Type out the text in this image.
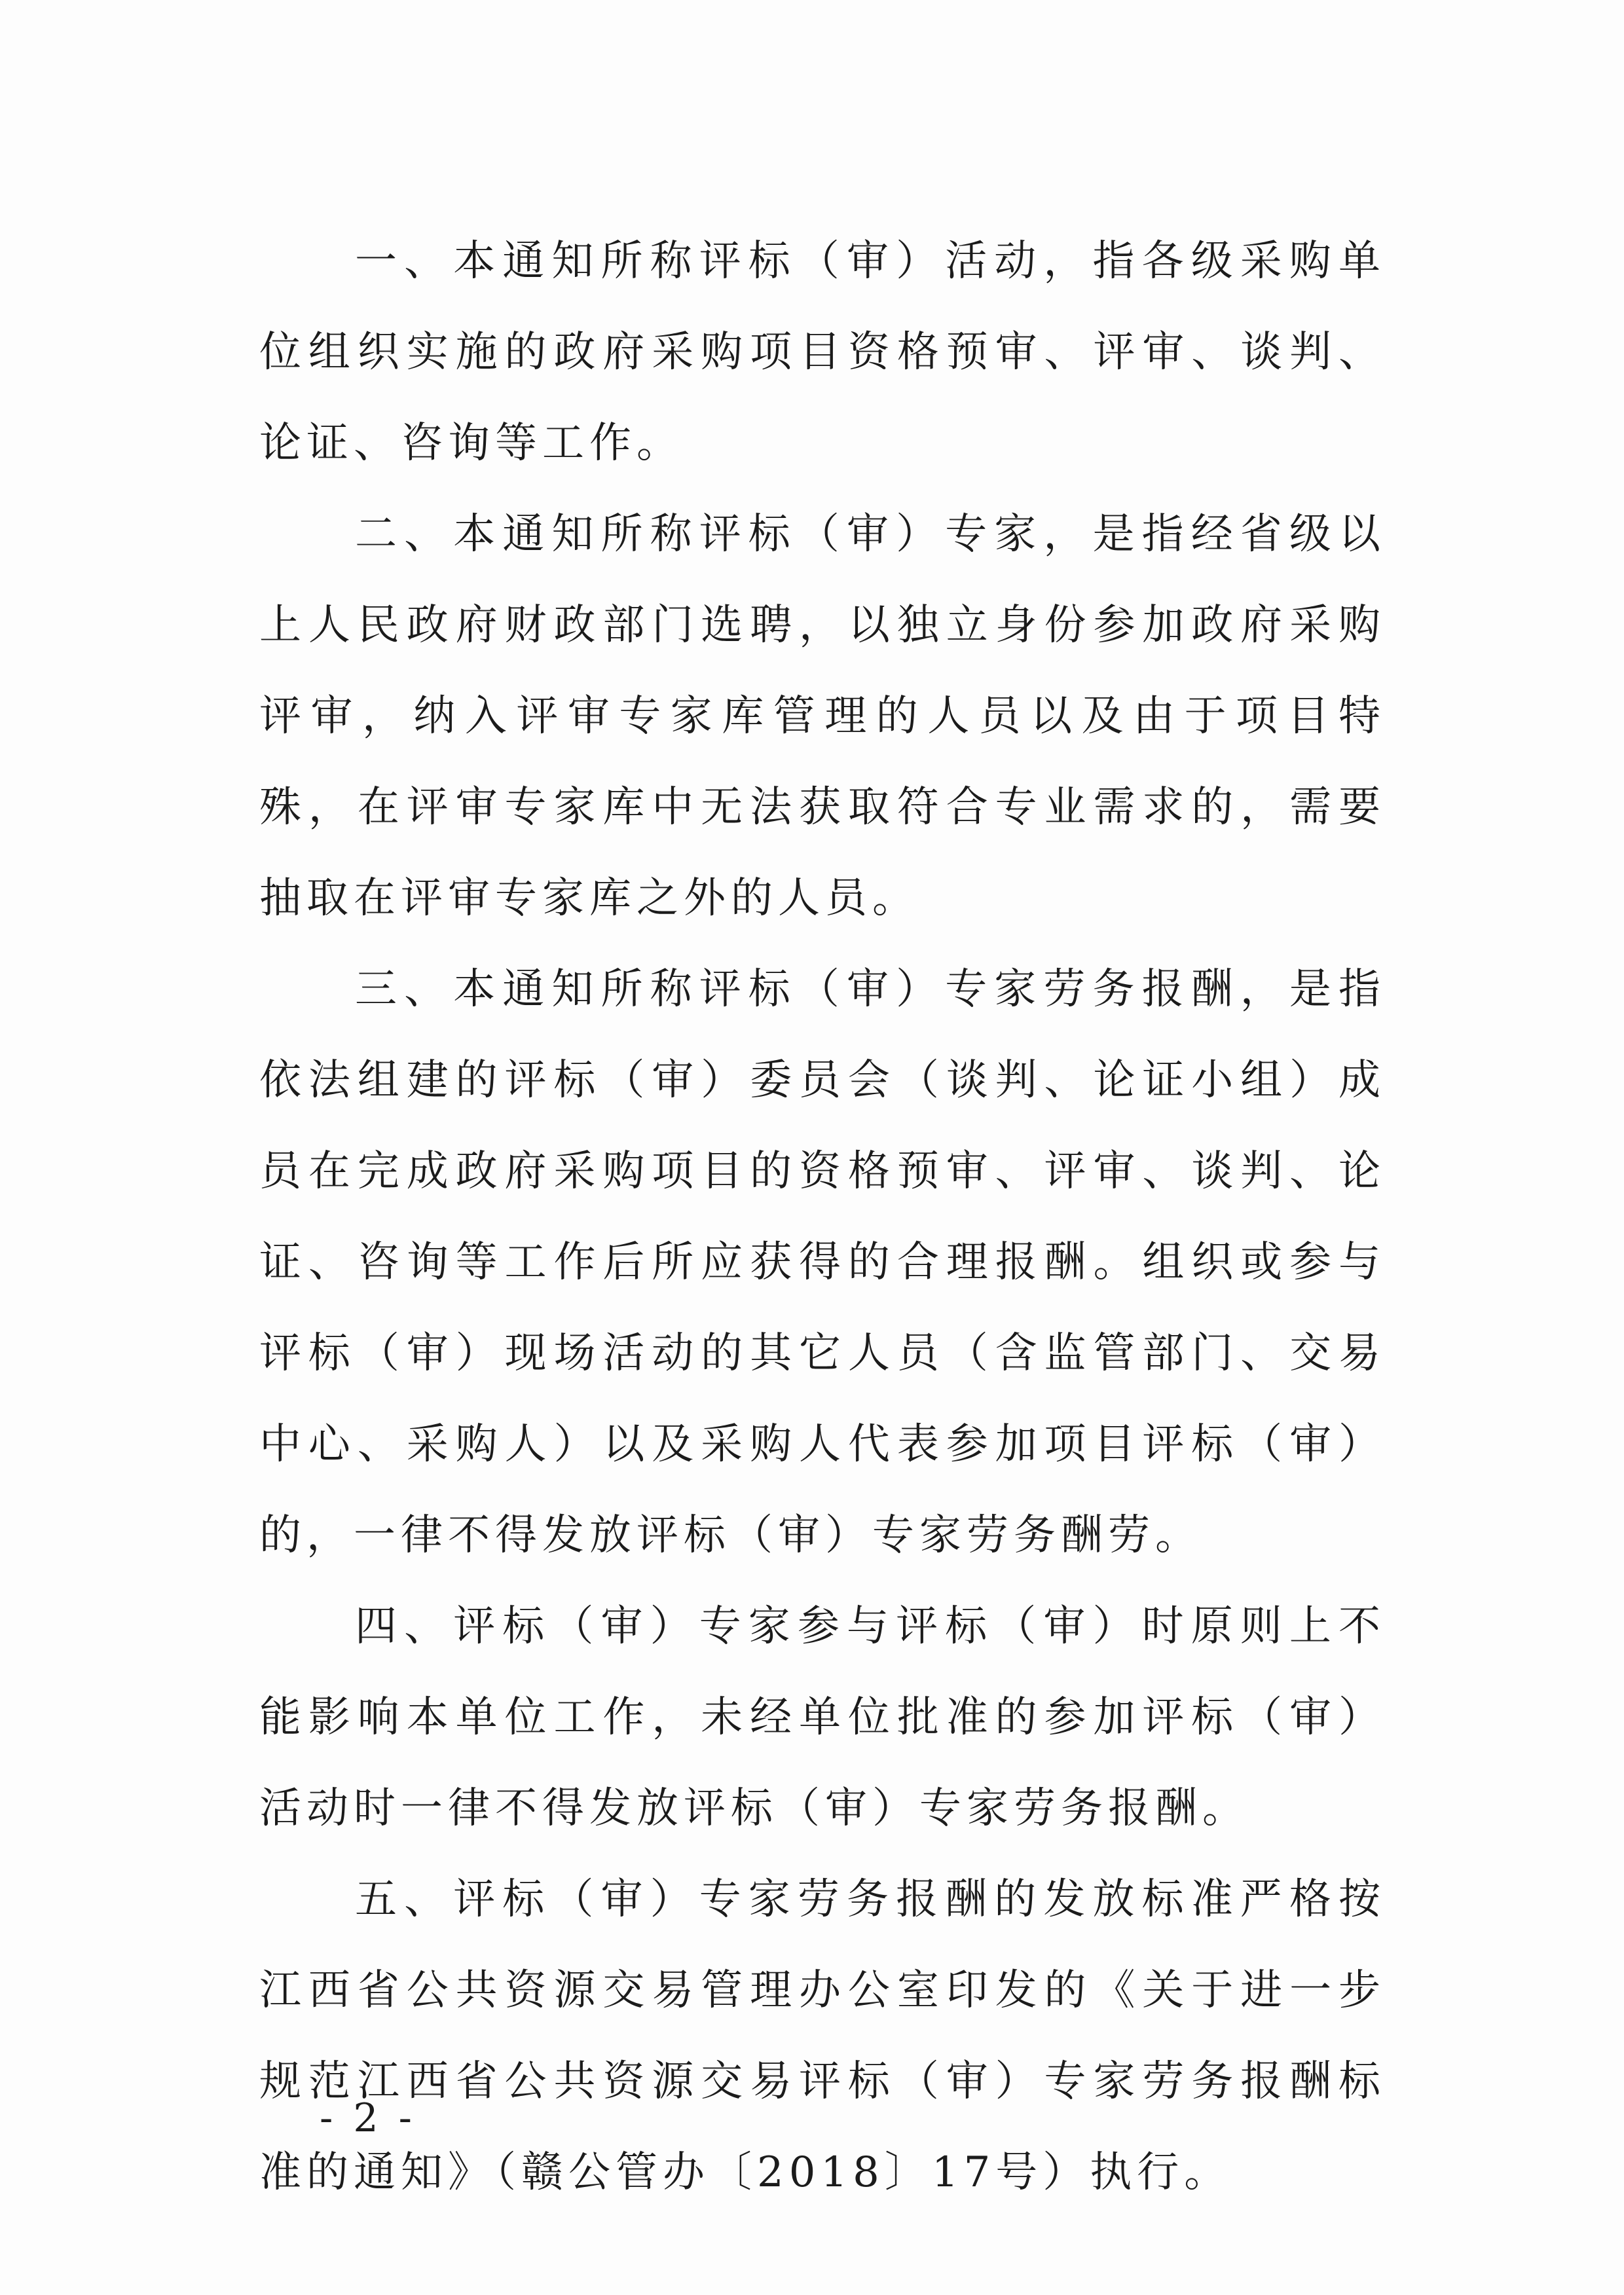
一、本通知所称评标（审）活动，指各级采购单位组织实施的政府采购项目资格预审、评审、谈判、论证、咨询等工作。

二、本通知所称评标（审）专家，是指经省级以上人民政府财政部门选聘，以独立身份参加政府采购评审，纳入评审专家库管理的人员以及由于项目特殊，在评审专家库中无法获取符合专业需求的，需要抽取在评审专家库之外的人员。

三、本通知所称评标（审）专家劳务报酬，是指依法组建的评标（审）委员会（谈判、论证小组）成员在完成政府采购项目的资格预审、评审、谈判、论证、咨询等工作后所应获得的合理报酬。组织或参与评标（审）现场活动的其它人员（含监管部门、交易中心、采购人）以及采购人代表参加项目评标（审）的，一律不得发放评标（审）专家劳务酬劳。

四、评标（审）专家参与评标（审）时原则上不能影响本单位工作，未经单位批准的参加评标（审）活动时一律不得发放评标（审）专家劳务报酬。

五、评标（审）专家劳务报酬的发放标准严格按江西省公共资源交易管理办公室印发的《关于进一步规范江西省公共资源交易评标（审）专家劳务报酬标准的通知》（赣公管办〔2018〕17号）执行。

- 2 -
